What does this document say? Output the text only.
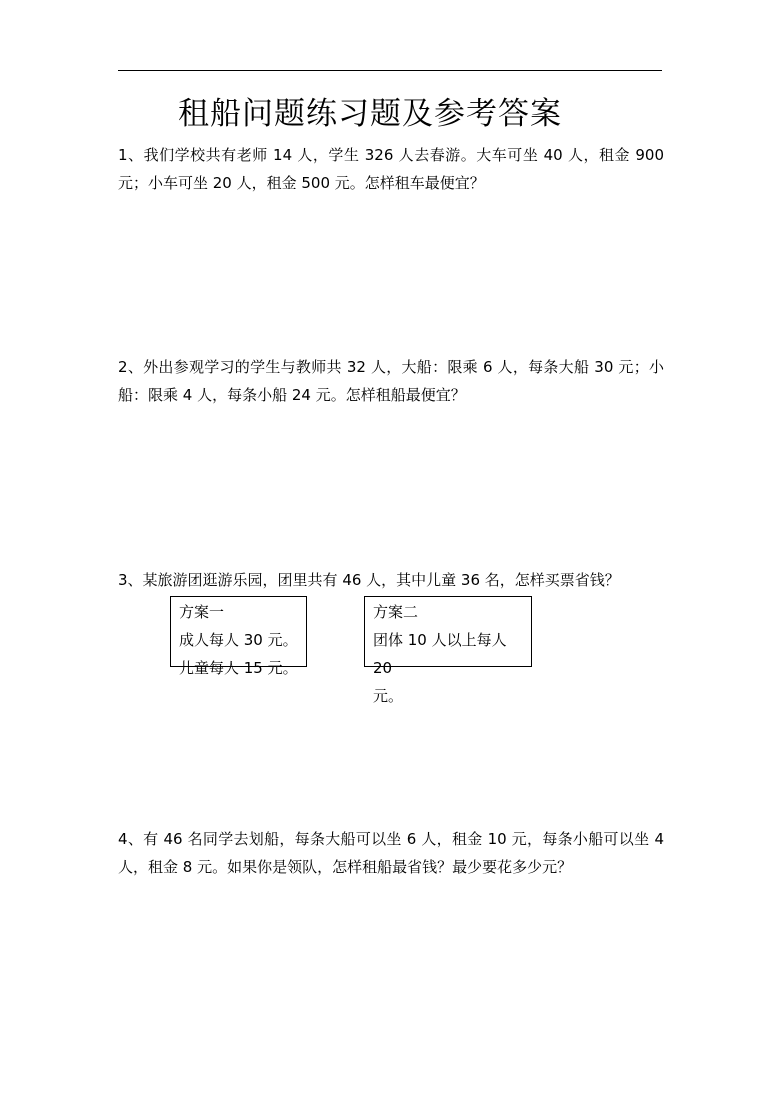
租船问题练习题及参考答案

1、我们学校共有老师 14 人，学生 326 人去春游。大车可坐 40 人，租金 900 元；小车可坐 20 人，租金 500 元。怎样租车最便宜？

2、外出参观学习的学生与教师共 32 人，大船：限乘 6 人，每条大船 30 元；小船：限乘 4 人，每条小船 24 元。怎样租船最便宜？

3、某旅游团逛游乐园，团里共有 46 人，其中儿童 36 名，怎样买票省钱？

方案一

成人每人 30 元。

儿童每人 15 元。

方案二

团体 10 人以上每人 20

元。

4、有 46 名同学去划船，每条大船可以坐 6 人，租金 10 元，每条小船可以坐 4 人，租金 8 元。如果你是领队，怎样租船最省钱？最少要花多少元？
